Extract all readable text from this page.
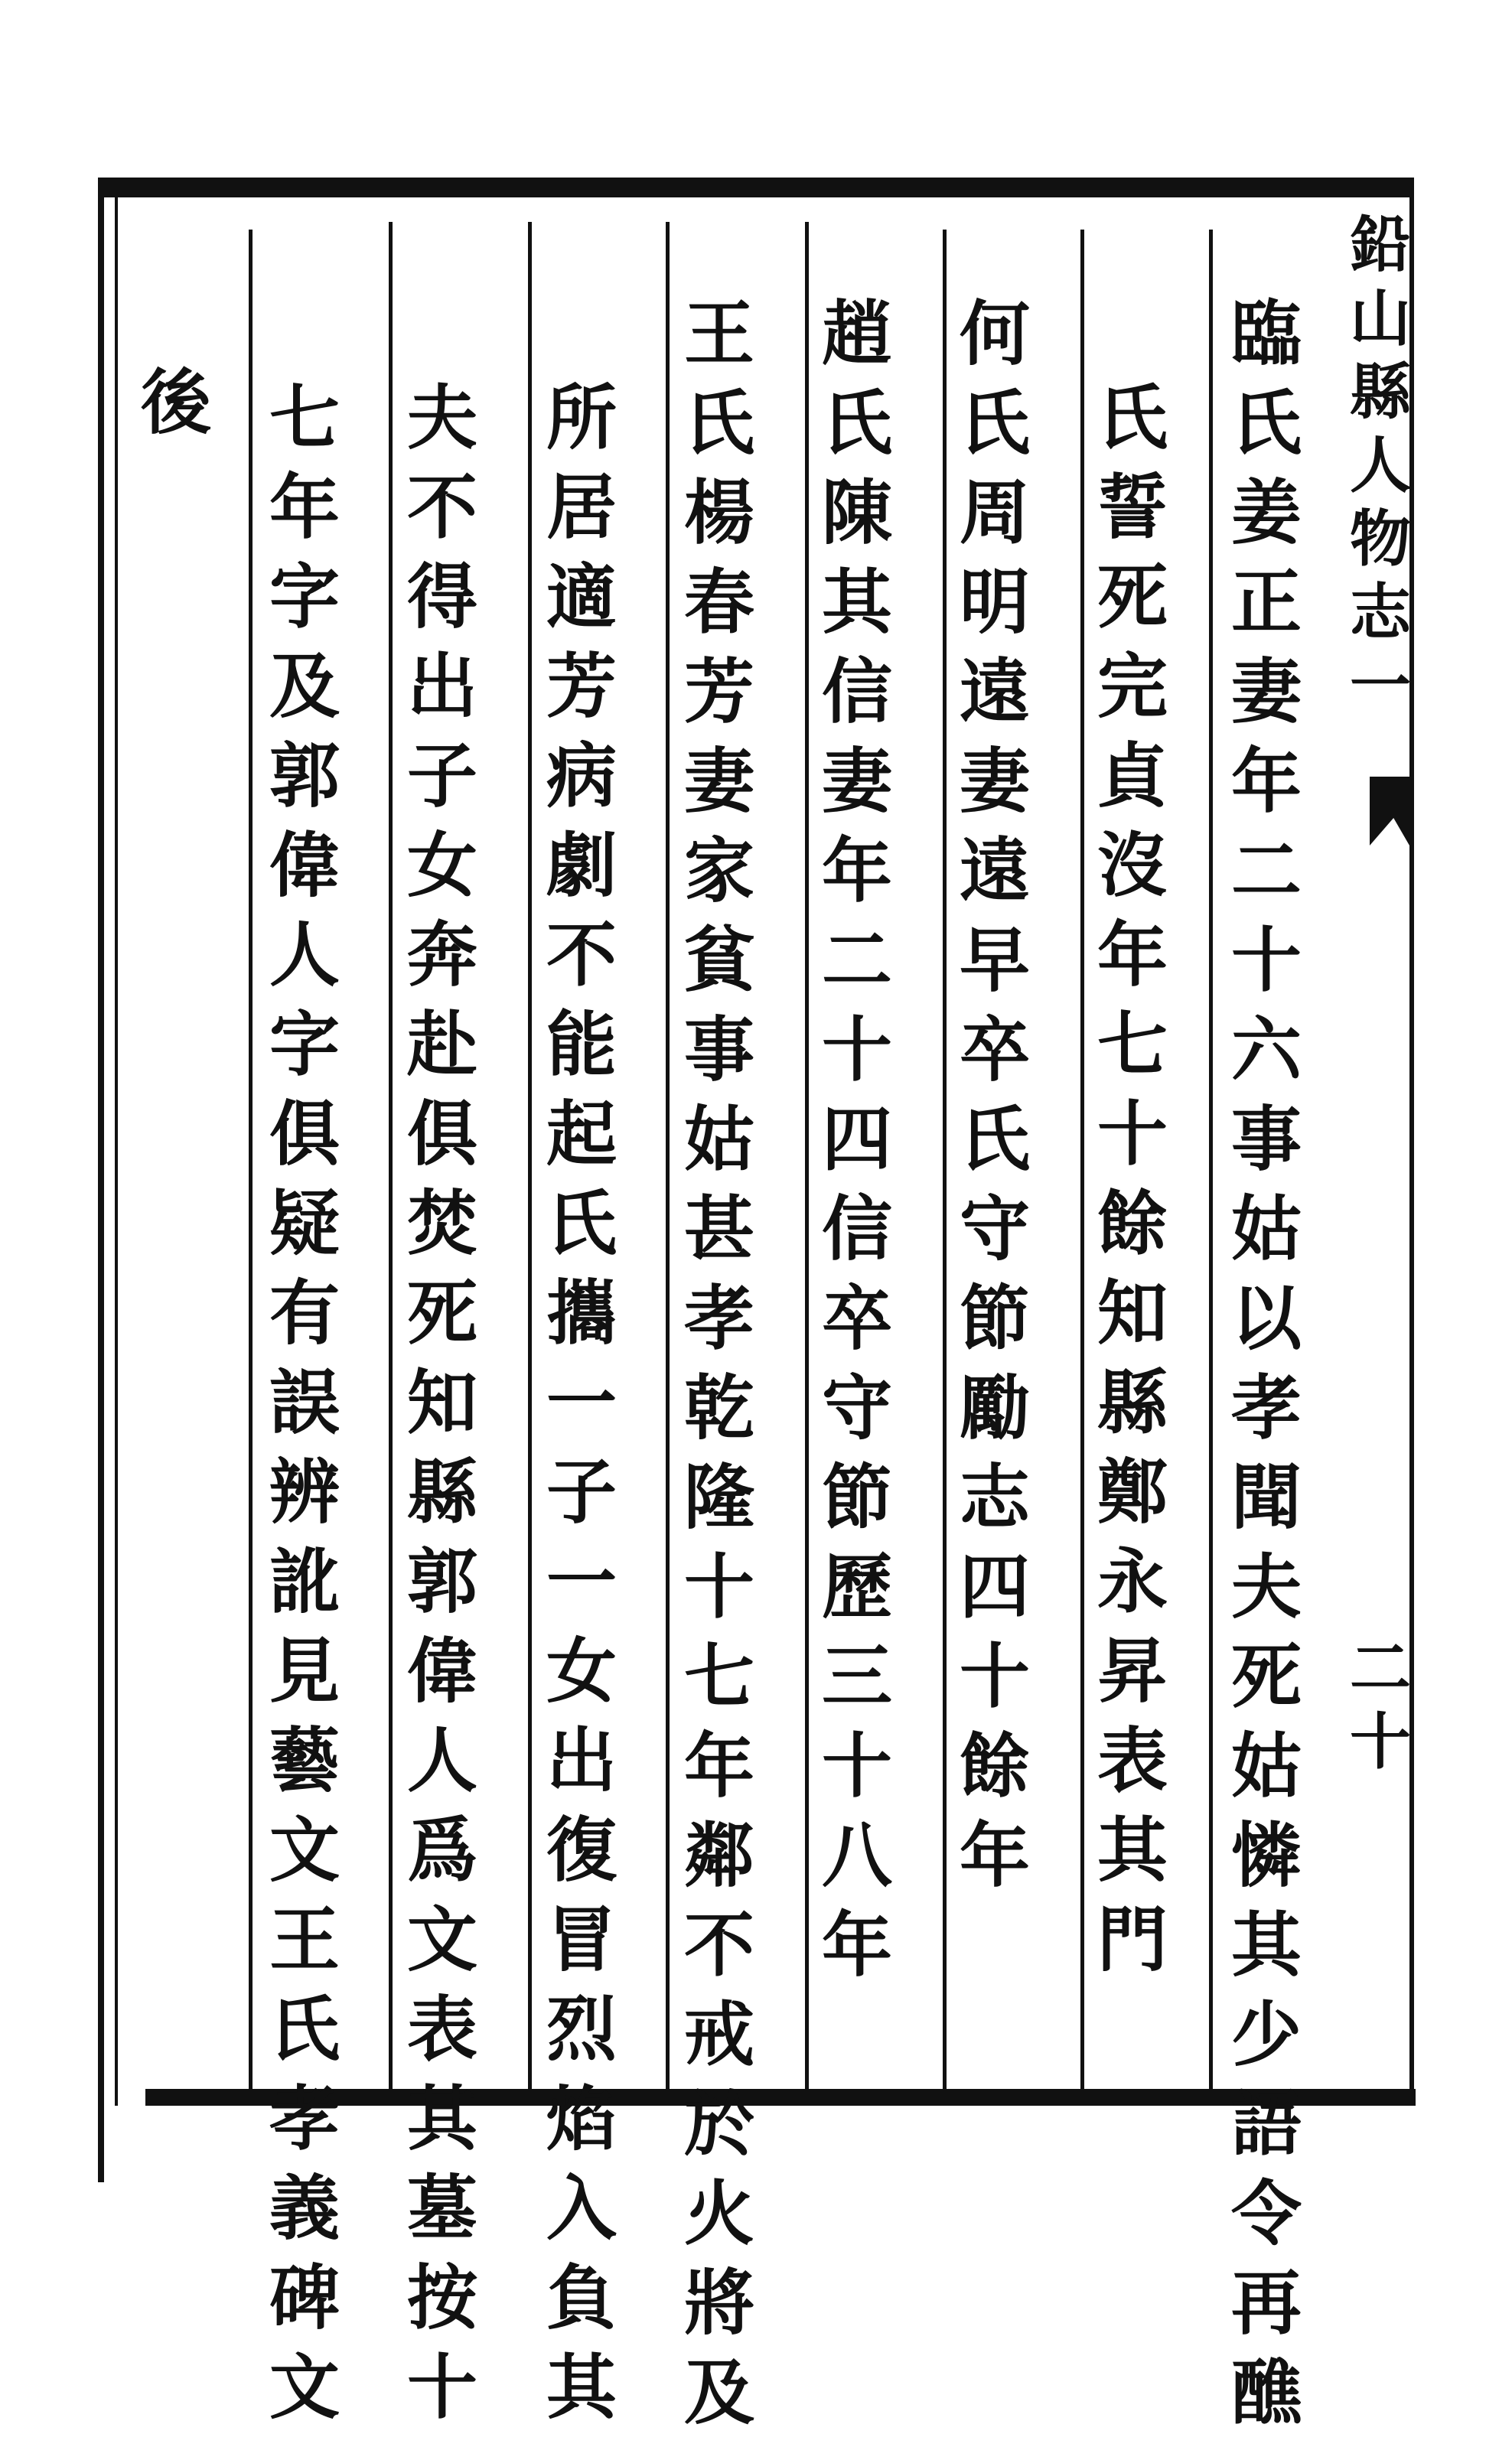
鉛
山
縣
人
物
志
一
二
十
臨
氏
姜
正
妻
年
二
十
六
事
姑
以
孝
聞
夫
死
姑
憐
其
少
語
令
再
醮
氏
誓
死
完
貞
沒
年
七
十
餘
知
縣
鄭
永
昇
表
其
門
何
氏
周
明
遠
妻
遠
早
卒
氏
守
節
勵
志
四
十
餘
年
趙
氏
陳
其
信
妻
年
二
十
四
信
卒
守
節
歷
三
十
八
年
王
氏
楊
春
芳
妻
家
貧
事
姑
甚
孝
乾
隆
十
七
年
鄰
不
戒
於
火
將
及
所
居
適
芳
病
劇
不
能
起
氏
攜
一
子
一
女
出
復
冒
烈
焰
入
負
其
夫
不
得
出
子
女
奔
赴
俱
焚
死
知
縣
郭
偉
人
爲
文
表
其
墓
按
十
七
年
字
及
郭
偉
人
字
俱
疑
有
誤
辨
訛
見
藝
文
王
氏
孝
義
碑
文
後
